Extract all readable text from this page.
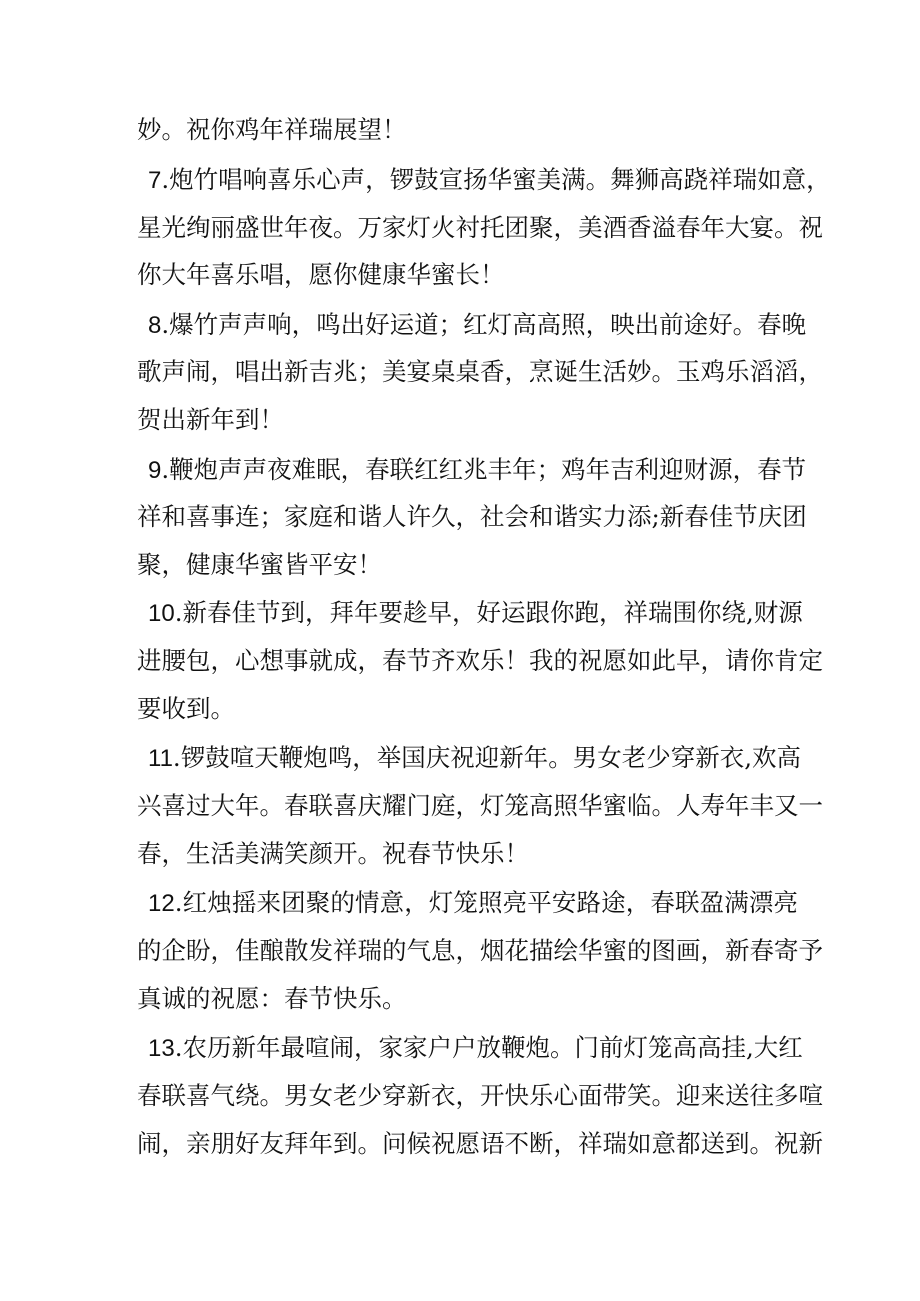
妙。祝你鸡年祥瑞展望！
7.炮竹唱响喜乐心声，锣鼓宣扬华蜜美满。舞狮高跷祥瑞如意，
星光绚丽盛世年夜。万家灯火衬托团聚，美酒香溢春年大宴。祝
你大年喜乐唱，愿你健康华蜜长！
8.爆竹声声响，鸣出好运道；红灯高高照，映出前途好。春晚
歌声闹，唱出新吉兆；美宴桌桌香，烹诞生活妙。玉鸡乐滔滔，
贺出新年到！
9.鞭炮声声夜难眠，春联红红兆丰年；鸡年吉利迎财源，春节
祥和喜事连；家庭和谐人许久，社会和谐实力添;新春佳节庆团
聚，健康华蜜皆平安！
10.新春佳节到，拜年要趁早，好运跟你跑，祥瑞围你绕,财源
进腰包，心想事就成，春节齐欢乐！我的祝愿如此早，请你肯定
要收到。
11.锣鼓喧天鞭炮鸣，举国庆祝迎新年。男女老少穿新衣,欢高
兴喜过大年。春联喜庆耀门庭，灯笼高照华蜜临。人寿年丰又一
春，生活美满笑颜开。祝春节快乐！
12.红烛摇来团聚的情意，灯笼照亮平安路途，春联盈满漂亮
的企盼，佳酿散发祥瑞的气息，烟花描绘华蜜的图画，新春寄予
真诚的祝愿：春节快乐。
13.农历新年最喧闹，家家户户放鞭炮。门前灯笼高高挂,大红
春联喜气绕。男女老少穿新衣，开快乐心面带笑。迎来送往多喧
闹，亲朋好友拜年到。问候祝愿语不断，祥瑞如意都送到。祝新
